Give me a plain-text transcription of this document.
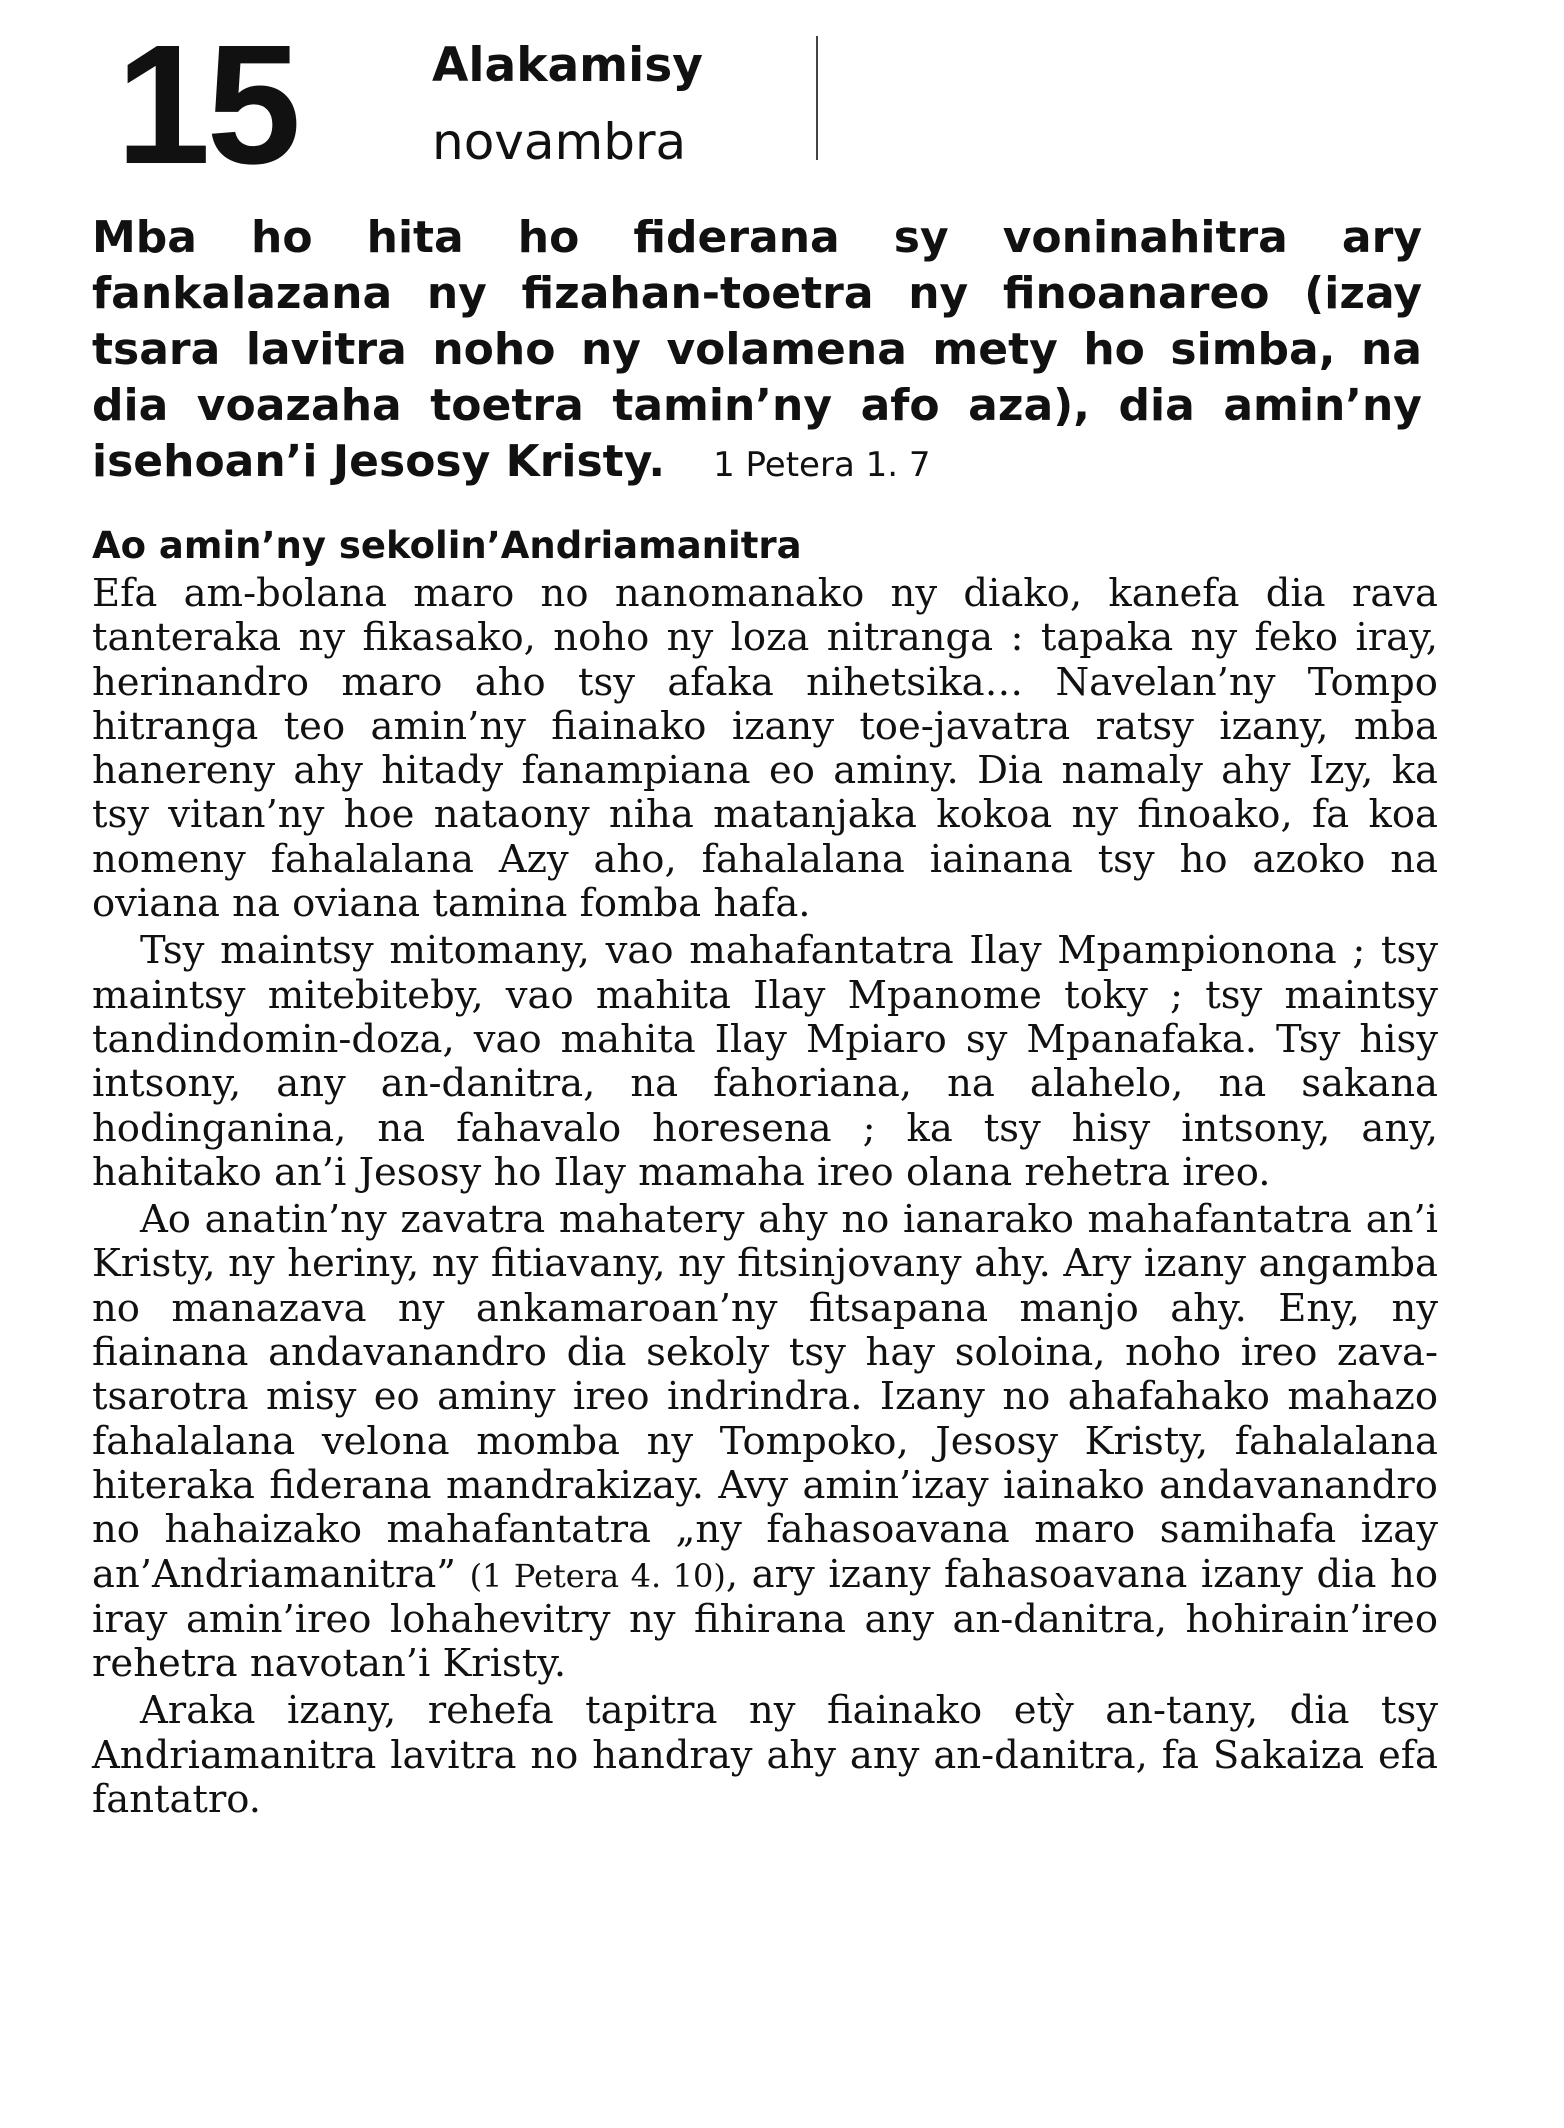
15	Alakamisy
novambra
Mba ho hita ho fiderana sy voninahitra ary fankalazana ny fizahan-toetra ny finoanareo (izay tsara lavitra noho ny volamena mety ho simba, na dia voazaha toetra tamin’ny afo aza), dia amin’ny isehoan’i Jesosy Kristy. 1 Petera 1. 7
Ao amin’ny sekolin’Andriamanitra

Efa am-bolana maro no nanomanako ny diako, kanefa dia rava tanteraka ny fikasako, noho ny loza nitranga : tapaka ny feko iray, herinandro maro aho tsy afaka nihetsika… Navelan’ny Tompo hitranga teo amin’ny fiainako izany toe-javatra ratsy izany, mba hanereny ahy hitady fanampiana eo aminy. Dia namaly ahy Izy, ka tsy vitan’ny hoe nataony niha matanjaka kokoa ny finoako, fa koa nomeny fahalalana Azy aho, fahalalana iainana tsy ho azoko na oviana na oviana tamina fomba hafa.

Tsy maintsy mitomany, vao mahafantatra Ilay Mpampionona ; tsy maintsy mitebiteby, vao mahita Ilay Mpanome toky ; tsy maintsy tandindomin-doza, vao mahita Ilay Mpiaro sy Mpanafaka. Tsy hisy intsony, any an-danitra, na fahoriana, na alahelo, na sakana hodinganina, na fahavalo horesena ; ka tsy hisy intsony, any, hahitako an’i Jesosy ho Ilay mamaha ireo olana rehetra ireo.

Ao anatin’ny zavatra mahatery ahy no ianarako mahafantatra an’i Kristy, ny heriny, ny fitiavany, ny fitsinjovany ahy. Ary izany angamba no manazava ny ankamaroan’ny fitsapana manjo ahy. Eny, ny fiainana andavanandro dia sekoly tsy hay soloina, noho ireo zava-tsarotra misy eo aminy ireo indrindra. Izany no ahafahako mahazo fahalalana velona momba ny Tompoko, Jesosy Kristy, fahalalana hiteraka fiderana mandrakizay. Avy amin’izay iainako andavanandro no hahaizako mahafantatra „ny fahasoavana maro samihafa izay an’Andriamanitra” (1 Petera 4. 10), ary izany fahasoavana izany dia ho iray amin’ireo lohahevitry ny fihirana any an-danitra, hohirain’ireo rehetra navotan’i Kristy.

Araka izany, rehefa tapitra ny fiainako etỳ an-tany, dia tsy Andriamanitra lavitra no handray ahy any an-danitra, fa Sakaiza efa fantatro.
